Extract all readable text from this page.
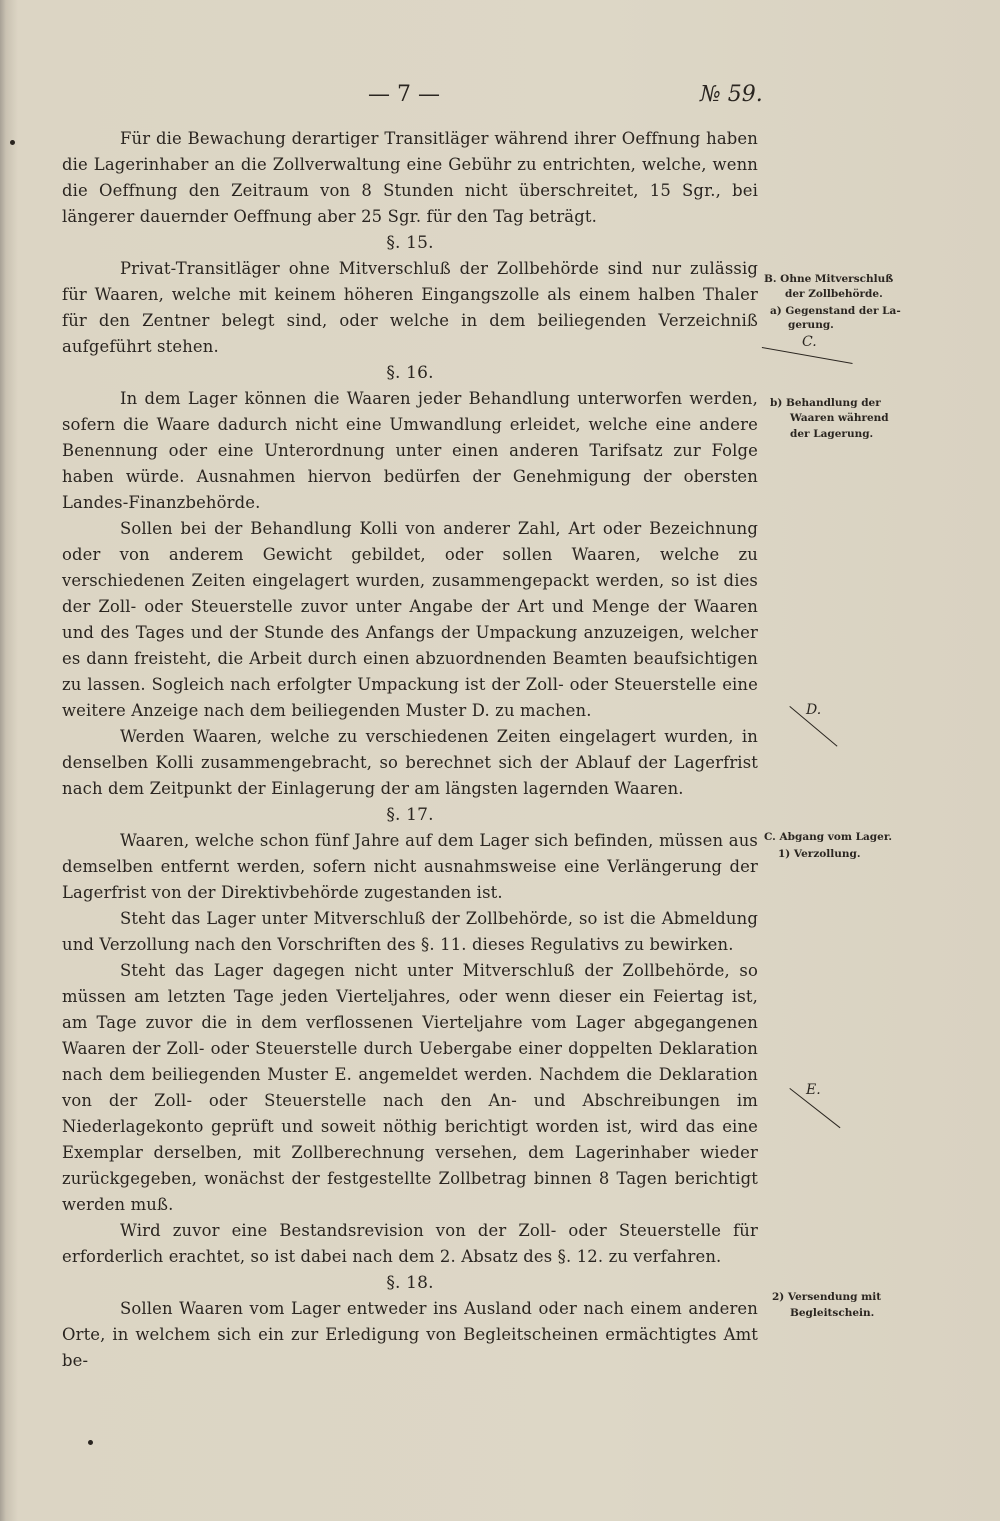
— 7 —	№ 59.

Für die Bewachung derartiger Transitläger während ihrer Oeffnung haben die Lagerinhaber an die Zollverwaltung eine Gebühr zu entrichten, welche, wenn die Oeffnung den Zeitraum von 8 Stunden nicht überschreitet, 15 Sgr., bei längerer dauernder Oeffnung aber 25 Sgr. für den Tag beträgt.

§. 15.

Privat-Transitläger ohne Mitverschluß der Zollbehörde sind nur zulässig für Waaren, welche mit keinem höheren Eingangszolle als einem halben Thaler für den Zentner belegt sind, oder welche in dem beiliegenden Verzeichniß aufgeführt stehen.

§. 16.

In dem Lager können die Waaren jeder Behandlung unterworfen werden, sofern die Waare dadurch nicht eine Umwandlung erleidet, welche eine andere Benennung oder eine Unterordnung unter einen anderen Tarifsatz zur Folge haben würde. Ausnahmen hiervon bedürfen der Genehmigung der obersten Landes-Finanzbehörde.

Sollen bei der Behandlung Kolli von anderer Zahl, Art oder Bezeichnung oder von anderem Gewicht gebildet, oder sollen Waaren, welche zu verschiedenen Zeiten eingelagert wurden, zusammengepackt werden, so ist dies der Zoll- oder Steuerstelle zuvor unter Angabe der Art und Menge der Waaren und des Tages und der Stunde des Anfangs der Umpackung anzuzeigen, welcher es dann freisteht, die Arbeit durch einen abzuordnenden Beamten beaufsichtigen zu lassen. Sogleich nach erfolgter Umpackung ist der Zoll- oder Steuerstelle eine weitere Anzeige nach dem beiliegenden Muster D. zu machen.

Werden Waaren, welche zu verschiedenen Zeiten eingelagert wurden, in denselben Kolli zusammengebracht, so berechnet sich der Ablauf der Lagerfrist nach dem Zeitpunkt der Einlagerung der am längsten lagernden Waaren.

§. 17.

Waaren, welche schon fünf Jahre auf dem Lager sich befinden, müssen aus demselben entfernt werden, sofern nicht ausnahmsweise eine Verlängerung der Lagerfrist von der Direktivbehörde zugestanden ist.

Steht das Lager unter Mitverschluß der Zollbehörde, so ist die Abmeldung und Verzollung nach den Vorschriften des §. 11. dieses Regulativs zu bewirken.

Steht das Lager dagegen nicht unter Mitverschluß der Zollbehörde, so müssen am letzten Tage jeden Vierteljahres, oder wenn dieser ein Feiertag ist, am Tage zuvor die in dem verflossenen Vierteljahre vom Lager abgegangenen Waaren der Zoll- oder Steuerstelle durch Uebergabe einer doppelten Deklaration nach dem beiliegenden Muster E. angemeldet werden. Nachdem die Deklaration von der Zoll- oder Steuerstelle nach den An- und Abschreibungen im Niederlagekonto geprüft und soweit nöthig berichtigt worden ist, wird das eine Exemplar derselben, mit Zollberechnung versehen, dem Lagerinhaber wieder zurückgegeben, wonächst der festgestellte Zollbetrag binnen 8 Tagen berichtigt werden muß.

Wird zuvor eine Bestandsrevision von der Zoll- oder Steuerstelle für erforderlich erachtet, so ist dabei nach dem 2. Absatz des §. 12. zu verfahren.

§. 18.

Sollen Waaren vom Lager entweder ins Ausland oder nach einem anderen Orte, in welchem sich ein zur Erledigung von Begleitscheinen ermächtigtes Amt be-

B. Ohne Mitverschluß
der Zollbehörde.
a) Gegenstand der La-
gerung.
C.
b) Behandlung der
Waaren während
der Lagerung.
D.
C. Abgang vom Lager.
1) Verzollung.
E.
2) Versendung mit
Begleitschein.
